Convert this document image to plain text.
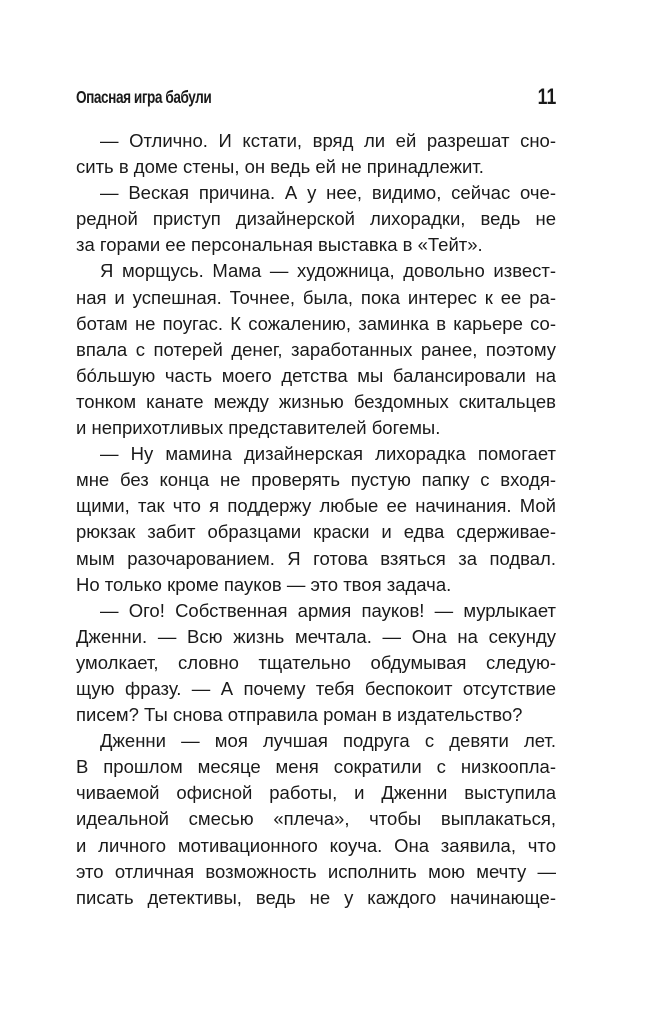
Опасная игра бабули	11
— Отлично. И кстати, вряд ли ей разрешат сно-
сить в доме стены, он ведь ей не принадлежит.
— Веская причина. А у нее, видимо, сейчас оче-
редной приступ дизайнерской лихорадки, ведь не
за горами ее персональная выставка в «Тейт».
Я морщусь. Мама — художница, довольно извест-
ная и успешная. Точнее, была, пока интерес к ее ра-
ботам не поугас. К сожалению, заминка в карьере со-
впала с потерей денег, заработанных ранее, поэтому
бóльшую часть моего детства мы балансировали на
тонком канате между жизнью бездомных скитальцев
и неприхотливых представителей богемы.
— Ну мамина дизайнерская лихорадка помогает
мне без конца не проверять пустую папку с входя-
щими, так что я поддержу любые ее начинания. Мой
рюкзак забит образцами краски и едва сдерживае-
мым разочарованием. Я готова взяться за подвал.
Но только кроме пауков — это твоя задача.
— Ого! Собственная армия пауков! — мурлыкает
Дженни. — Всю жизнь мечтала. — Она на секунду
умолкает, словно тщательно обдумывая следую-
щую фразу. — А почему тебя беспокоит отсутствие
писем? Ты снова отправила роман в издательство?
Дженни — моя лучшая подруга с девяти лет.
В прошлом месяце меня сократили с низкоопла-
чиваемой офисной работы, и Дженни выступила
идеальной смесью «плеча», чтобы выплакаться,
и личного мотивационного коуча. Она заявила, что
это отличная возможность исполнить мою мечту —
писать детективы, ведь не у каждого начинающе-
